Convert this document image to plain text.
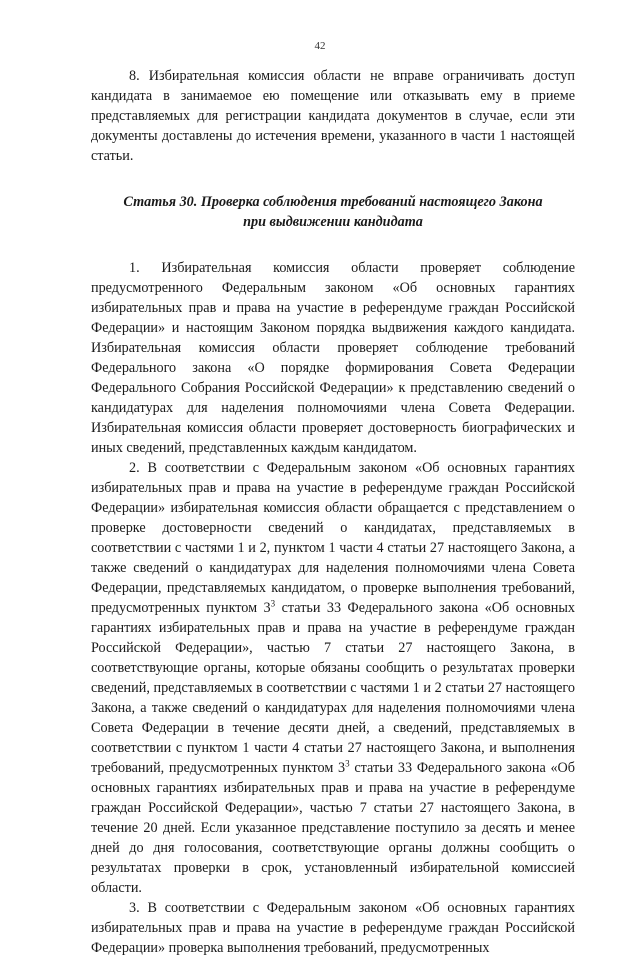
42

8. Избирательная комиссия области не вправе ограничивать доступ кандидата в занимаемое ею помещение или отказывать ему в приеме представляемых для регистрации кандидата документов в случае, если эти документы доставлены до истечения времени, указанного в части 1 настоящей статьи.

Статья 30. Проверка соблюдения требований настоящего Закона
при выдвижении кандидата

1. Избирательная комиссия области проверяет соблюдение предусмотренного Федеральным законом «Об основных гарантиях избирательных прав и права на участие в референдуме граждан Российской Федерации» и настоящим Законом порядка выдвижения каждого кандидата. Избирательная комиссия области проверяет соблюдение требований Федерального закона «О порядке формирования Совета Федерации Федерального Собрания Российской Федерации» к представлению сведений о кандидатурах для наделения полномочиями члена Совета Федерации. Избирательная комиссия области проверяет достоверность биографических и иных сведений, представленных каждым кандидатом.

2. В соответствии с Федеральным законом «Об основных гарантиях избирательных прав и права на участие в референдуме граждан Российской Федерации» избирательная комиссия области обращается с представлением о проверке достоверности сведений о кандидатах, представляемых в соответствии с частями 1 и 2, пунктом 1 части 4 статьи 27 настоящего Закона, а также сведений о кандидатурах для наделения полномочиями члена Совета Федерации, представляемых кандидатом, о проверке выполнения требований, предусмотренных пунктом $3^3$ статьи 33 Федерального закона «Об основных гарантиях избирательных прав и права на участие в референдуме граждан Российской Федерации», частью 7 статьи 27 настоящего Закона, в соответствующие органы, которые обязаны сообщить о результатах проверки сведений, представляемых в соответствии с частями 1 и 2 статьи 27 настоящего Закона, а также сведений о кандидатурах для наделения полномочиями члена Совета Федерации в течение десяти дней, а сведений, представляемых в соответствии с пунктом 1 части 4 статьи 27 настоящего Закона, и выполнения требований, предусмотренных пунктом $3^3$ статьи 33 Федерального закона «Об основных гарантиях избирательных прав и права на участие в референдуме граждан Российской Федерации», частью 7 статьи 27 настоящего Закона, в течение 20 дней. Если указанное представление поступило за десять и менее дней до дня голосования, соответствующие органы должны сообщить о результатах проверки в срок, установленный избирательной комиссией области.

3. В соответствии с Федеральным законом «Об основных гарантиях избирательных прав и права на участие в референдуме граждан Российской Федерации» проверка выполнения требований, предусмотренных
